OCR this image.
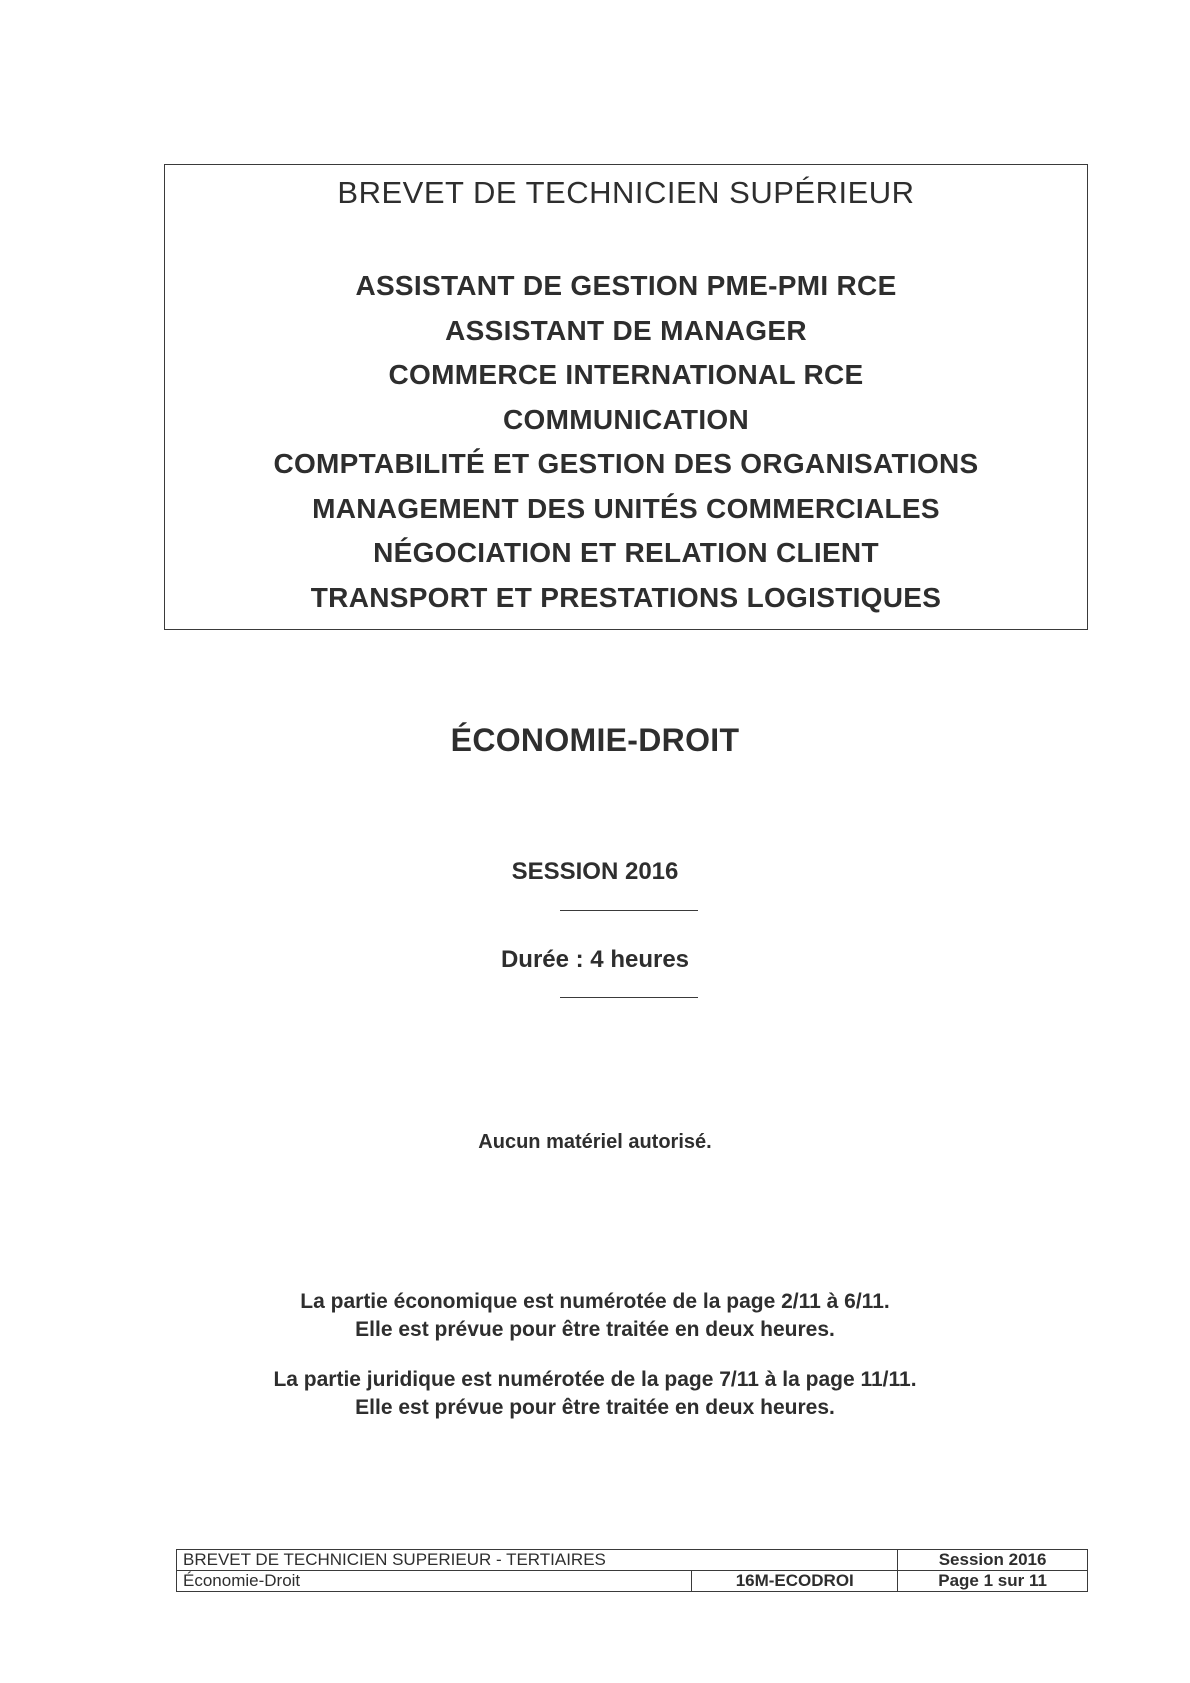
BREVET DE TECHNICIEN SUPÉRIEUR
ASSISTANT DE GESTION PME-PMI RCE
ASSISTANT DE MANAGER
COMMERCE INTERNATIONAL RCE
COMMUNICATION
COMPTABILITÉ ET GESTION DES ORGANISATIONS
MANAGEMENT DES UNITÉS COMMERCIALES
NÉGOCIATION ET RELATION CLIENT
TRANSPORT ET PRESTATIONS LOGISTIQUES
ÉCONOMIE-DROIT
SESSION 2016
Durée : 4 heures
Aucun matériel autorisé.

La partie économique est numérotée de la page 2/11 à 6/11.
Elle est prévue pour être traitée en deux heures.

La partie juridique est numérotée de la page 7/11 à la page 11/11.
Elle est prévue pour être traitée en deux heures.

BREVET DE TECHNICIEN SUPERIEUR - TERTIAIRES		Session 2016
Économie-Droit	16M-ECODROI	Page 1 sur 11
